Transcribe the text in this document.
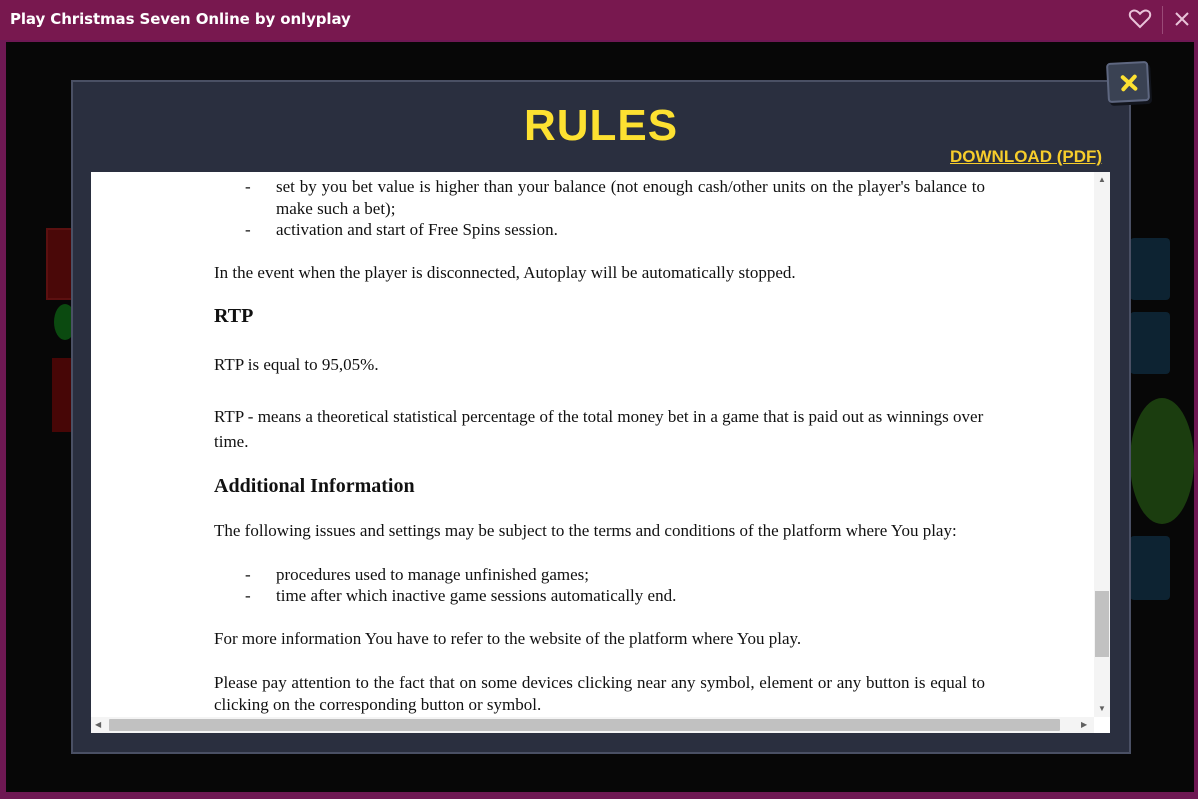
Play Christmas Seven Online by onlyplay
RULES
DOWNLOAD (PDF)
- set by you bet value is higher than your balance (not enough cash/other units on the player's balance to make such a bet);
- activation and start of Free Spins session.
In the event when the player is disconnected, Autoplay will be automatically stopped.
RTP
RTP is equal to 95,05%.
RTP - means a theoretical statistical percentage of the total money bet in a game that is paid out as winnings over time.
Additional Information
The following issues and settings may be subject to the terms and conditions of the platform where You play:
- procedures used to manage unfinished games;
- time after which inactive game sessions automatically end.
For more information You have to refer to the website of the platform where You play.
Please pay attention to the fact that on some devices clicking near any symbol, element or any button is equal to clicking on the corresponding button or symbol.
▲
▼
◀	▶
